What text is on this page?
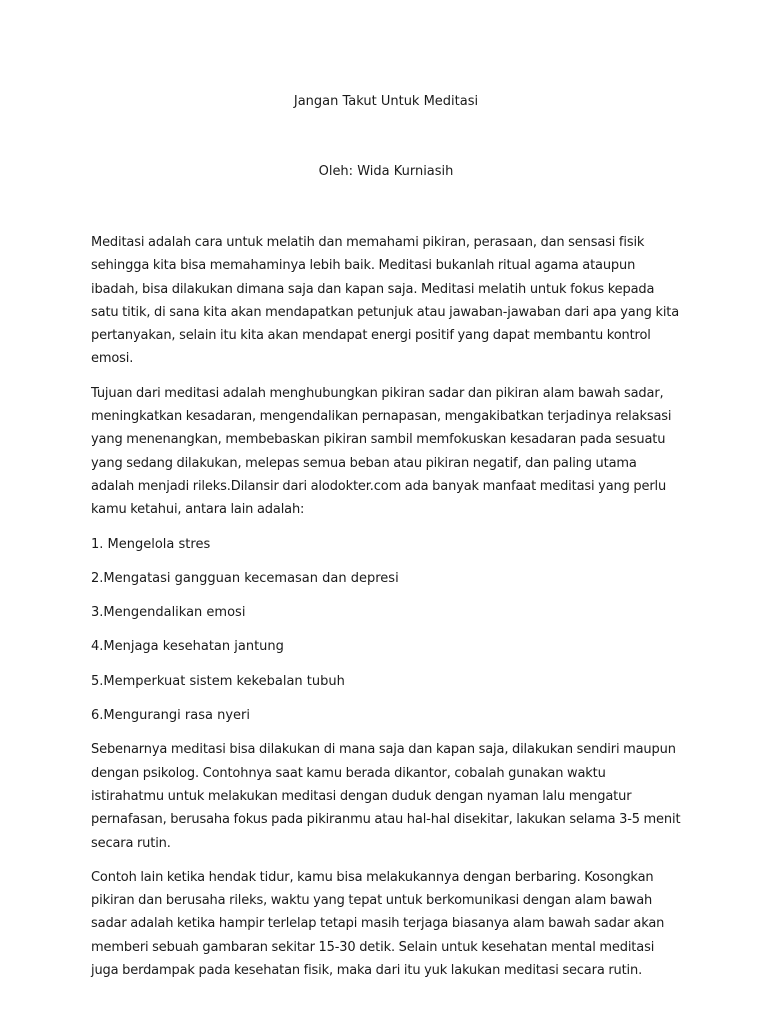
Jangan Takut Untuk Meditasi
Oleh: Wida Kurniasih

Meditasi adalah cara untuk melatih dan memahami pikiran, perasaan, dan sensasi fisik sehingga kita bisa memahaminya lebih baik. Meditasi bukanlah ritual agama ataupun ibadah, bisa dilakukan dimana saja dan kapan saja. Meditasi melatih untuk fokus kepada satu titik, di sana kita akan mendapatkan petunjuk atau jawaban-jawaban dari apa yang kita pertanyakan, selain itu kita akan mendapat energi positif yang dapat membantu kontrol emosi.

Tujuan dari meditasi adalah menghubungkan pikiran sadar dan pikiran alam bawah sadar, meningkatkan kesadaran, mengendalikan pernapasan, mengakibatkan terjadinya relaksasi yang menenangkan, membebaskan pikiran sambil memfokuskan kesadaran pada sesuatu yang sedang dilakukan, melepas semua beban atau pikiran negatif, dan paling utama adalah menjadi rileks.Dilansir dari alodokter.com ada banyak manfaat meditasi yang perlu kamu ketahui, antara lain adalah:

1. Mengelola stres
2.Mengatasi gangguan kecemasan dan depresi
3.Mengendalikan emosi
4.Menjaga kesehatan jantung
5.Memperkuat sistem kekebalan tubuh
6.Mengurangi rasa nyeri

Sebenarnya meditasi bisa dilakukan di mana saja dan kapan saja, dilakukan sendiri maupun dengan psikolog. Contohnya saat kamu berada dikantor, cobalah gunakan waktu istirahatmu untuk melakukan meditasi dengan duduk dengan nyaman lalu mengatur pernafasan, berusaha fokus pada pikiranmu atau hal-hal disekitar, lakukan selama 3-5 menit secara rutin.

Contoh lain ketika hendak tidur, kamu bisa melakukannya dengan berbaring. Kosongkan pikiran dan berusaha rileks, waktu yang tepat untuk berkomunikasi dengan alam bawah sadar adalah ketika hampir terlelap tetapi masih terjaga biasanya alam bawah sadar akan memberi sebuah gambaran sekitar 15-30 detik. Selain untuk kesehatan mental meditasi juga berdampak pada kesehatan fisik, maka dari itu yuk lakukan meditasi secara rutin.
